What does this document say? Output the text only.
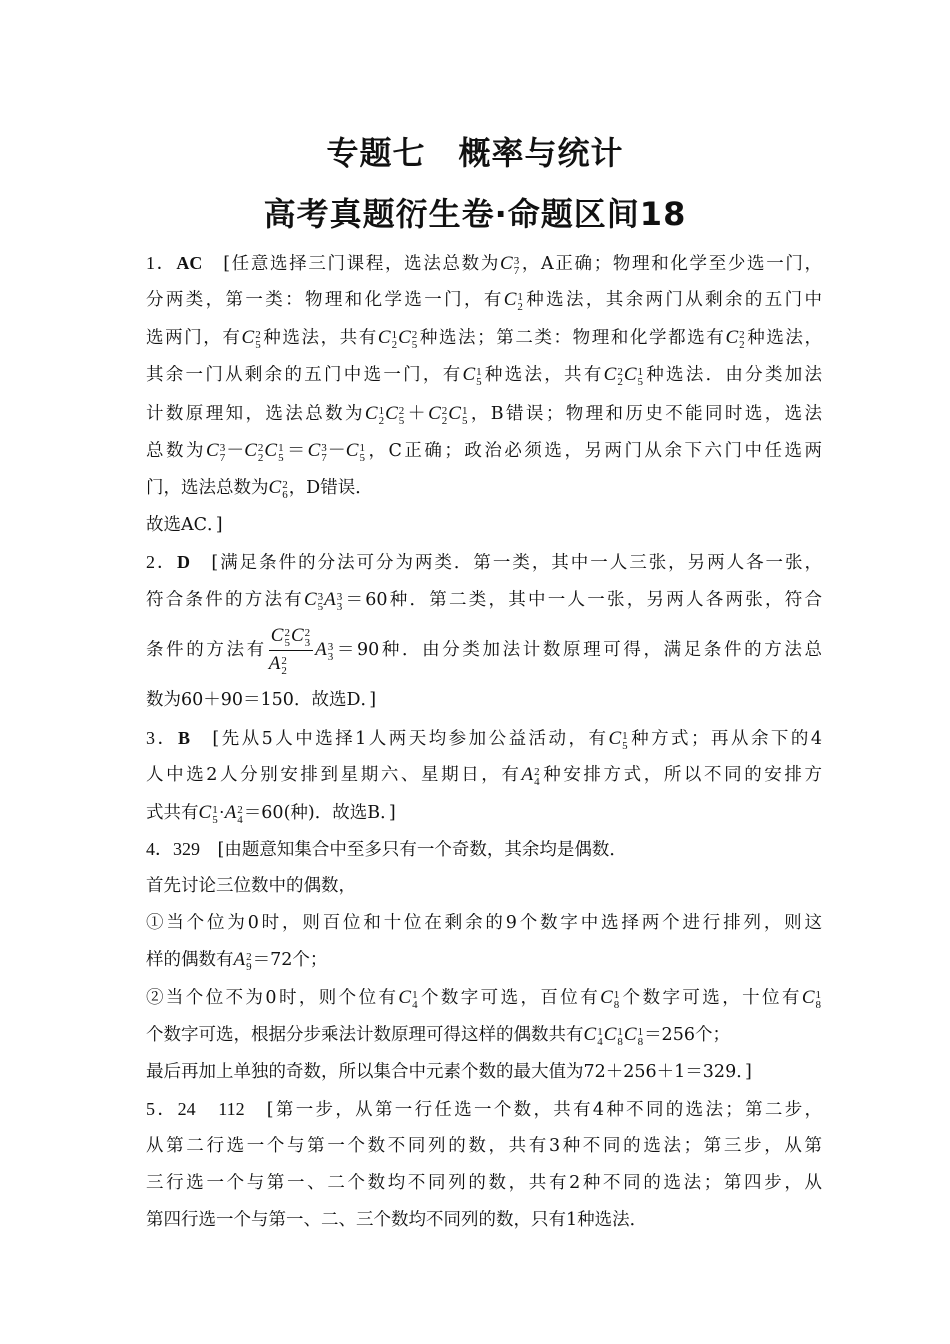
专题七　概率与统计
高考真题衍生卷·命题区间18
1．AC　 [任意选择三门课程，选法总数为C 3
7 ，A正确；物理和化学至少选一门，
分两类，第一类：物理和化学选一门，有C 1
2 种选法，其余两门从剩余的五门中
选两门，有C 2
5 种选法，共有C 1
2 C 2
5 种选法；第二类：物理和化学都选有C 2
2 种选法，
其余一门从剩余的五门中选一门，有C 1
5 种选法，共有C 2
2 C 1
5 种选法．由分类加法
计数原理知，选法总数为C 1
2 C 2
5 ＋C 2
2 C 1
5 ，B错误；物理和历史不能同时选，选法
总数为C 3
7 －C 2
2 C 1
5 ＝C 3
7 －C 1
5 ，C正确；政治必须选，另两门从余下六门中任选两
门，选法总数为C 2
6 ，D错误．
故选AC．]
2．D　 [满足条件的分法可分为两类．第一类，其中一人三张，另两人各一张，
符合条件的方法有C 3
5 A 3
3 ＝60种．第二类，其中一人一张，另两人各两张，符合
条件的方法有 C 2
5 C 2
3
A 2
2 A 3
3 ＝90种．由分类加法计数原理可得，满足条件的方法总
数为60＋90＝150．故选D．]
3．B　 [先从5人中选择1人两天均参加公益活动，有C 1
5 种方式；再从余下的4
人中选2人分别安排到星期六、星期日，有A 2
4 种安排方式，所以不同的安排方
式共有C 1
5 ·A 2
4 ＝60(种)．故选B．]
4．329　 [由题意知集合中至多只有一个奇数，其余均是偶数．
首先讨论三位数中的偶数，
①当个位为0时，则百位和十位在剩余的9个数字中选择两个进行排列，则这
样的偶数有A 2
9 ＝72个；
②当个位不为0时，则个位有C 1
4 个数字可选，百位有C 1
8 个数字可选，十位有C 1
8
个数字可选，根据分步乘法计数原理可得这样的偶数共有C 1
4 C 1
8 C 1
8 ＝256个；
最后再加上单独的奇数，所以集合中元素个数的最大值为72＋256＋1＝329．]
5．24　112　 [第一步，从第一行任选一个数，共有4种不同的选法；第二步，
从第二行选一个与第一个数不同列的数，共有3种不同的选法；第三步，从第
三行选一个与第一、二个数均不同列的数，共有2种不同的选法；第四步，从
第四行选一个与第一、二、三个数均不同列的数，只有1种选法．
